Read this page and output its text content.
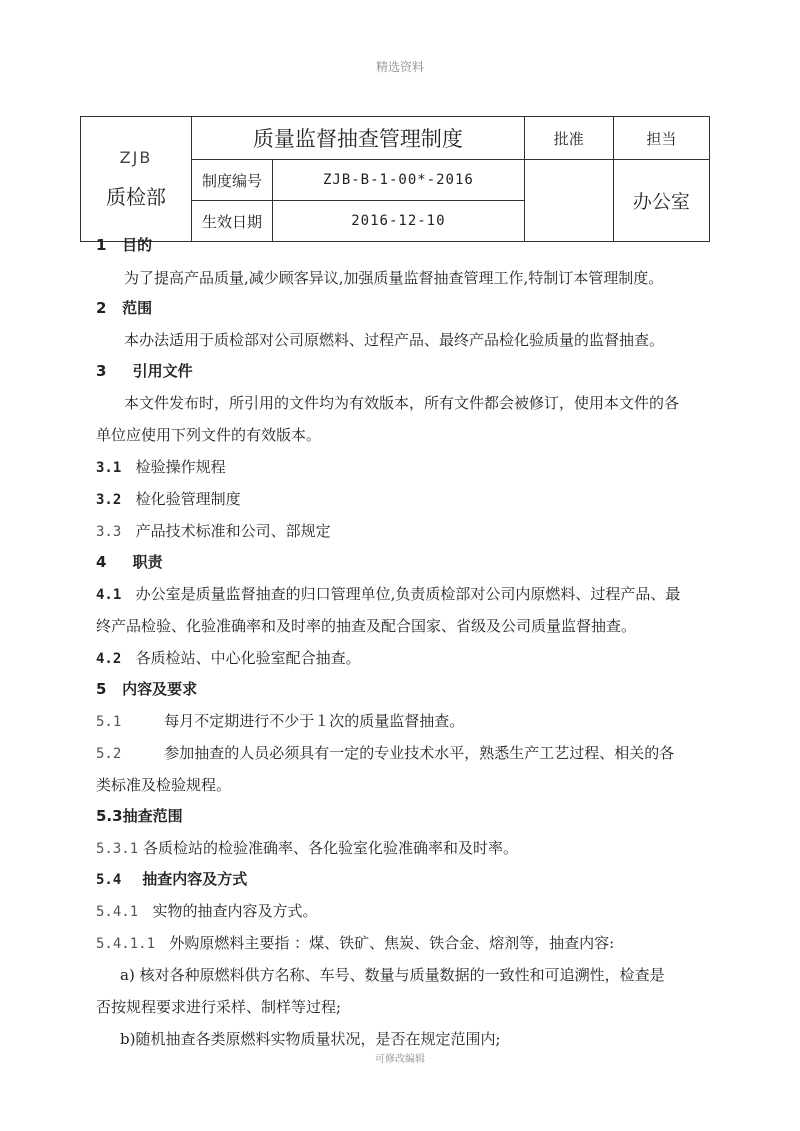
精选资料
ZJB
质检部	质量监督抽查管理制度		批准	担当
	制度编号	ZJB-B-1-00*-2016		办公室
	生效日期	2016-12-10		
1 目的
为了提高产品质量,减少顾客异议,加强质量监督抽查管理工作,特制订本管理制度。
2 范围
本办法适用于质检部对公司原燃料、过程产品、最终产品检化验质量的监督抽查。
3 引用文件
本文件发布时，所引用的文件均为有效版本，所有文件都会被修订，使用本文件的各
单位应使用下列文件的有效版本。
3.1 检验操作规程
3.2 检化验管理制度
3.3 产品技术标准和公司、部规定
4 职责
4.1 办公室是质量监督抽查的归口管理单位,负责质检部对公司内原燃料、过程产品、最
终产品检验、化验准确率和及时率的抽查及配合国家、省级及公司质量监督抽查。
4.2 各质检站、中心化验室配合抽查。
5 内容及要求
5.1	每月不定期进行不少于１次的质量监督抽查。
5.2	参加抽查的人员必须具有一定的专业技术水平，熟悉生产工艺过程、相关的各
类标准及检验规程。
5.3抽查范围
5.3.1 各质检站的检验准确率、各化验室化验准确率和及时率。
5.4 抽查内容及方式
5.4.1 实物的抽查内容及方式。
5.4.1.1 外购原燃料主要指 ：煤、铁矿、焦炭、铁合金、熔剂等，抽查内容:
a) 核对各种原燃料供方名称、车号、数量与质量数据的一致性和可追溯性，检查是
否按规程要求进行采样、制样等过程;
b)随机抽查各类原燃料实物质量状况，是否在规定范围内;
可修改编辑
